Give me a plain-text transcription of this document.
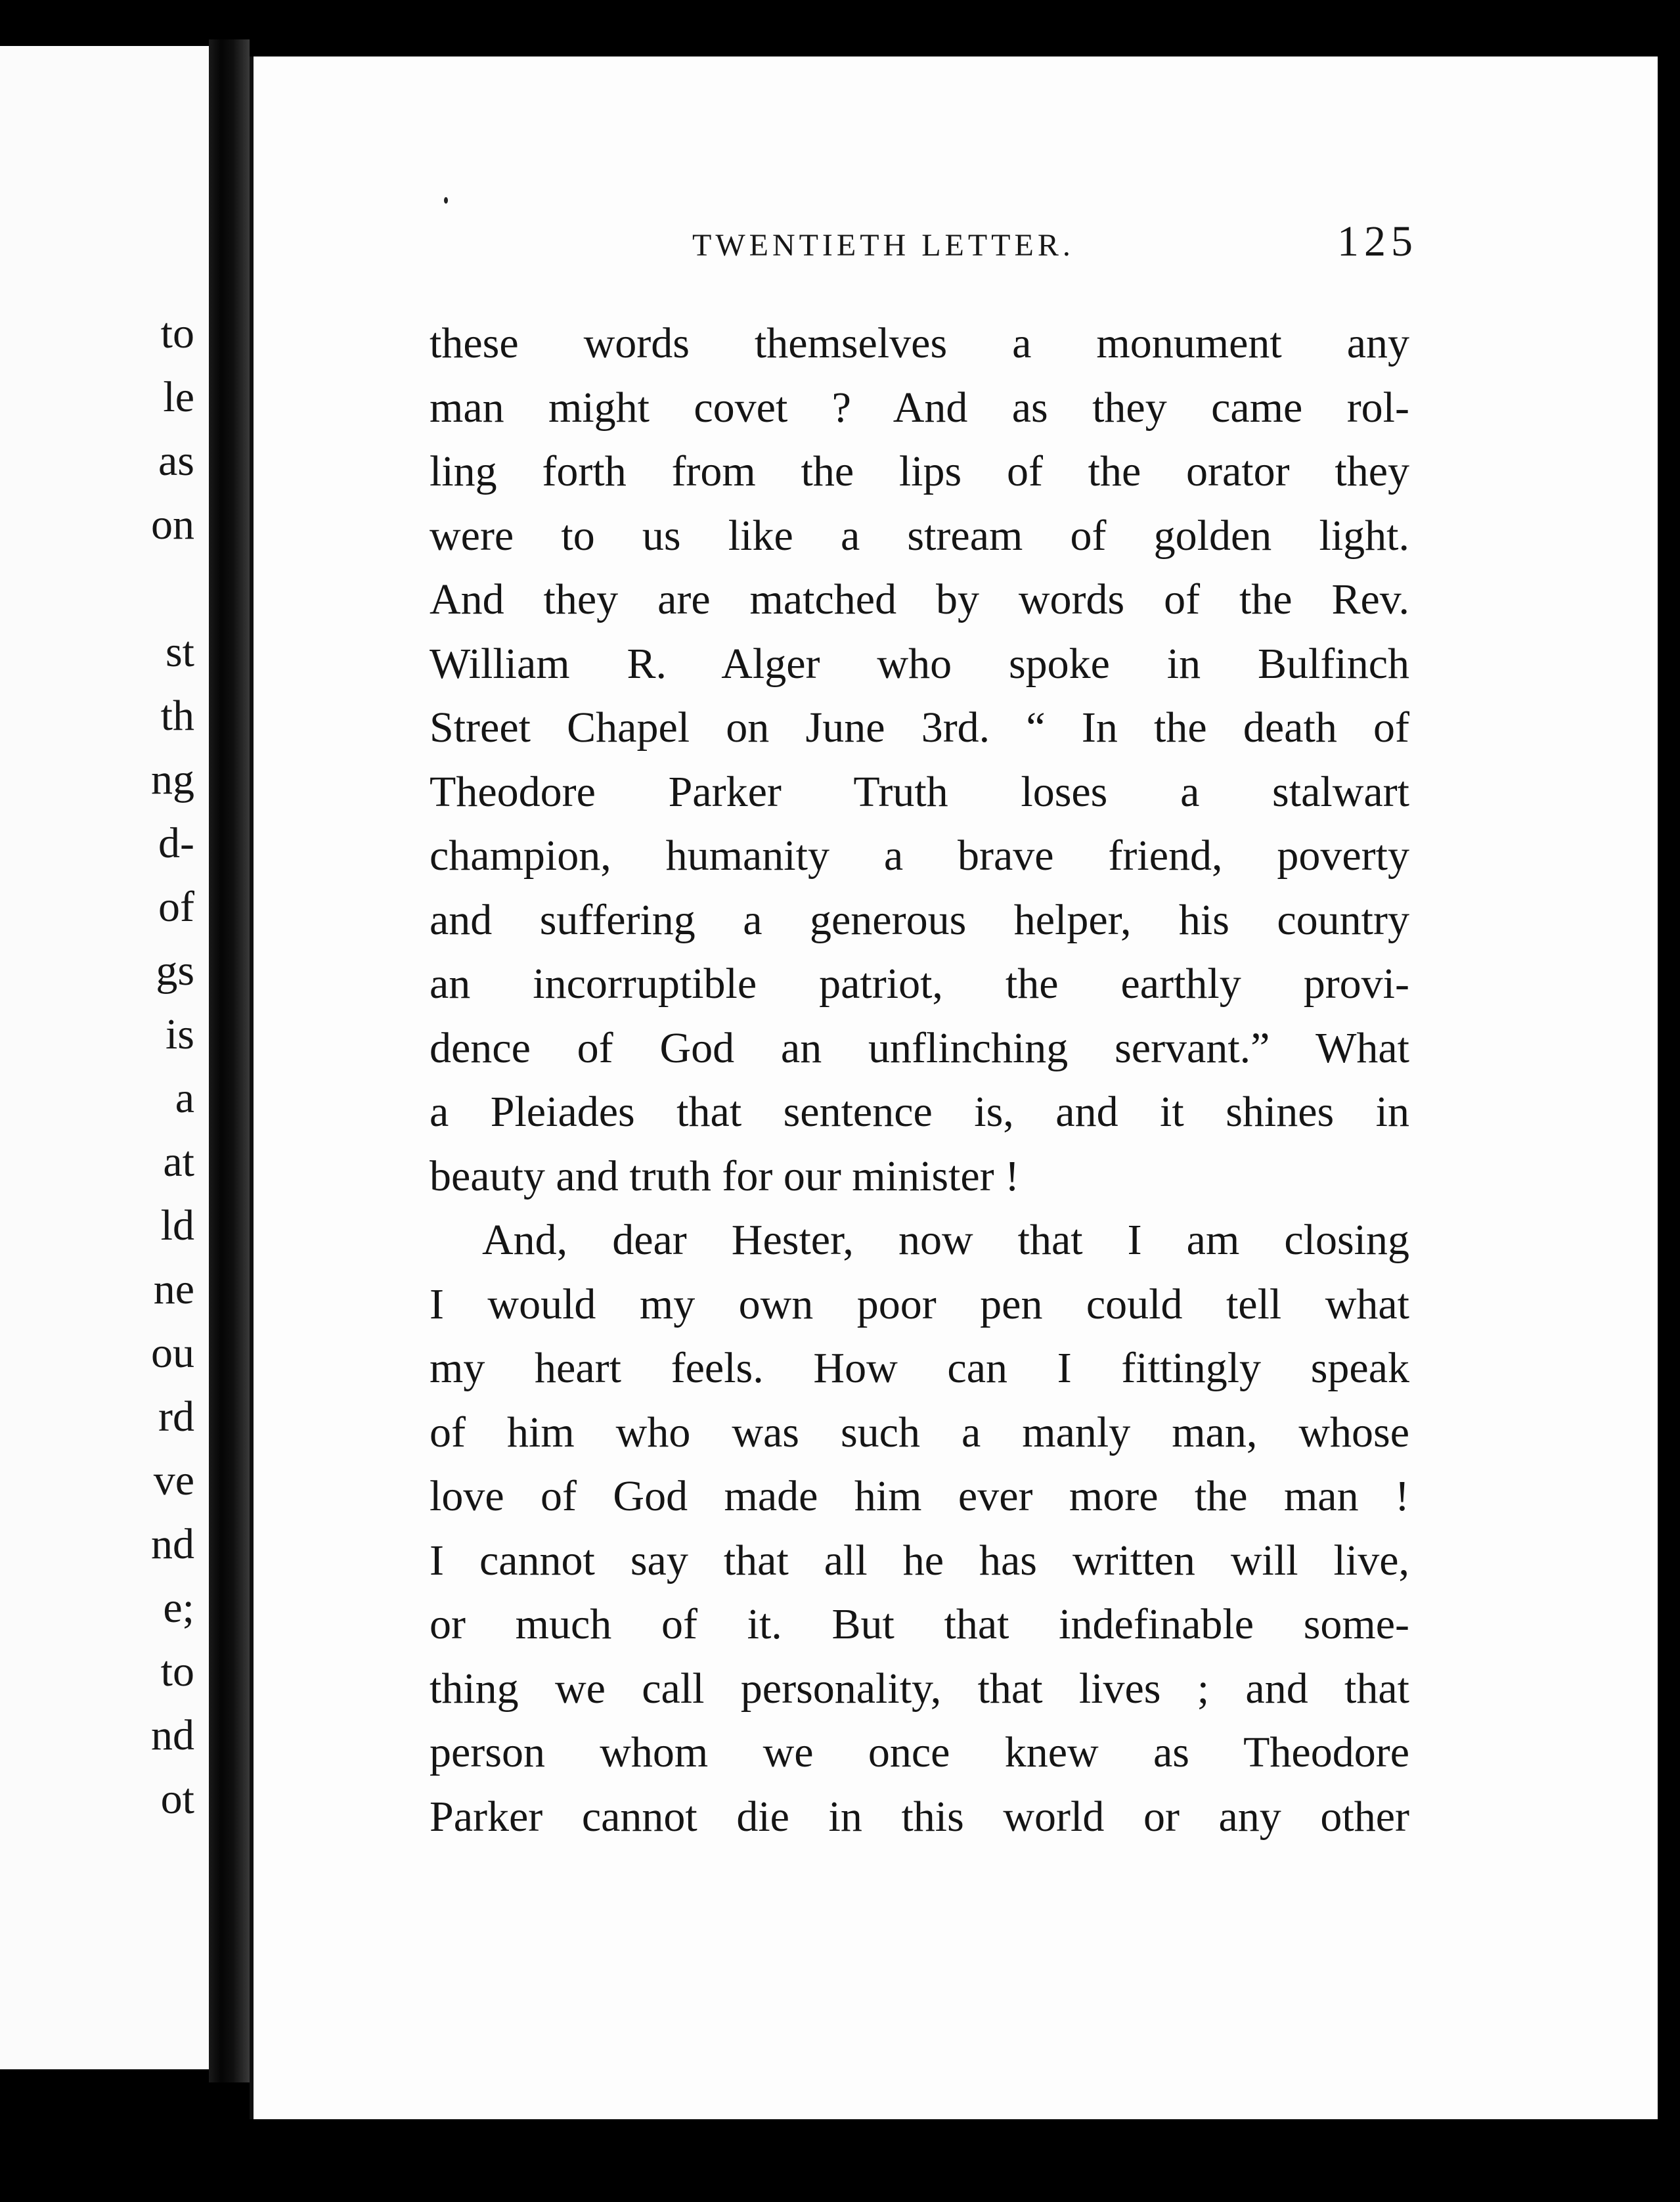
to
le
as
on
st
th
ng
d-
of
gs
is
a
at
ld
ne
ou
rd
ve
nd
e;
to
nd
ot
TWENTIETH LETTER.	125
these words themselves a monument any
man might covet ? And as they came rol-
ling forth from the lips of the orator they
were to us like a stream of golden light.
And they are matched by words of the Rev.
William R. Alger who spoke in Bulfinch
Street Chapel on June 3rd. “ In the death of
Theodore Parker Truth loses a stalwart
champion, humanity a brave friend, poverty
and suffering a generous helper, his country
an incorruptible patriot, the earthly provi-
dence of God an unflinching servant.” What
a Pleiades that sentence is, and it shines in
beauty and truth for our minister !
And, dear Hester, now that I am closing
I would my own poor pen could tell what
my heart feels. How can I fittingly speak
of him who was such a manly man, whose
love of God made him ever more the man !
I cannot say that all he has written will live,
or much of it. But that indefinable some-
thing we call personality, that lives ; and that
person whom we once knew as Theodore
Parker cannot die in this world or any other
